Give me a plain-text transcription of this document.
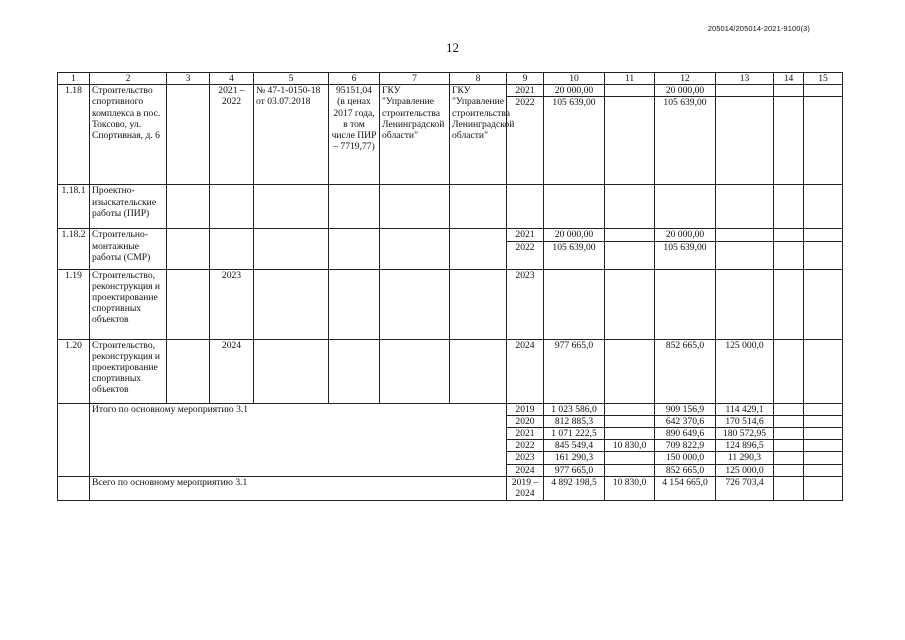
205014/205014-2021-9100(3)
12
1	2	3	4	5	6	7	8	9	10	11	12	13	14	15
1.18	Строительство спортивного комплекса в пос. Токсово, ул. Спортивная, д. 6		2021 – 2022	№ 47-1-0150-18 от 03.07.2018	95151,04 (в ценах 2017 года, в том числе ПИР – 7719,77)	ГКУ "Управление строительства Ленинградской области"	ГКУ "Управление строительства Ленинградской области"	2021	20 000,00		20 000,00			
								2022	105 639,00		105 639,00			
1.18.1	Проектно-изыскательские работы (ПИР)													
1.18.2	Строительно-монтажные работы (СМР)							2021	20 000,00		20 000,00			
								2022	105 639,00		105 639,00			
1.19	Строительство, реконструкция и проектирование спортивных объектов		2023					2023						
1.20	Строительство, реконструкция и проектирование спортивных объектов		2024					2024	977 665,0		852 665,0	125 000,0		
	Итого по основному мероприятию 3.1							2019	1 023 586,0		909 156,9	114 429,1		
								2020	812 885,3		642 370,6	170 514,6		
								2021	1 071 222,5		890 649,6	180 572,95		
								2022	845 549,4	10 830,0	709 822,9	124 896,5		
								2023	161 290,3		150 000,0	11 290,3		
								2024	977 665,0		852 665,0	125 000,0		
	Всего по основному мероприятию 3.1							2019 – 2024	4 892 198,5	10 830,0	4 154 665,0	726 703,4		
